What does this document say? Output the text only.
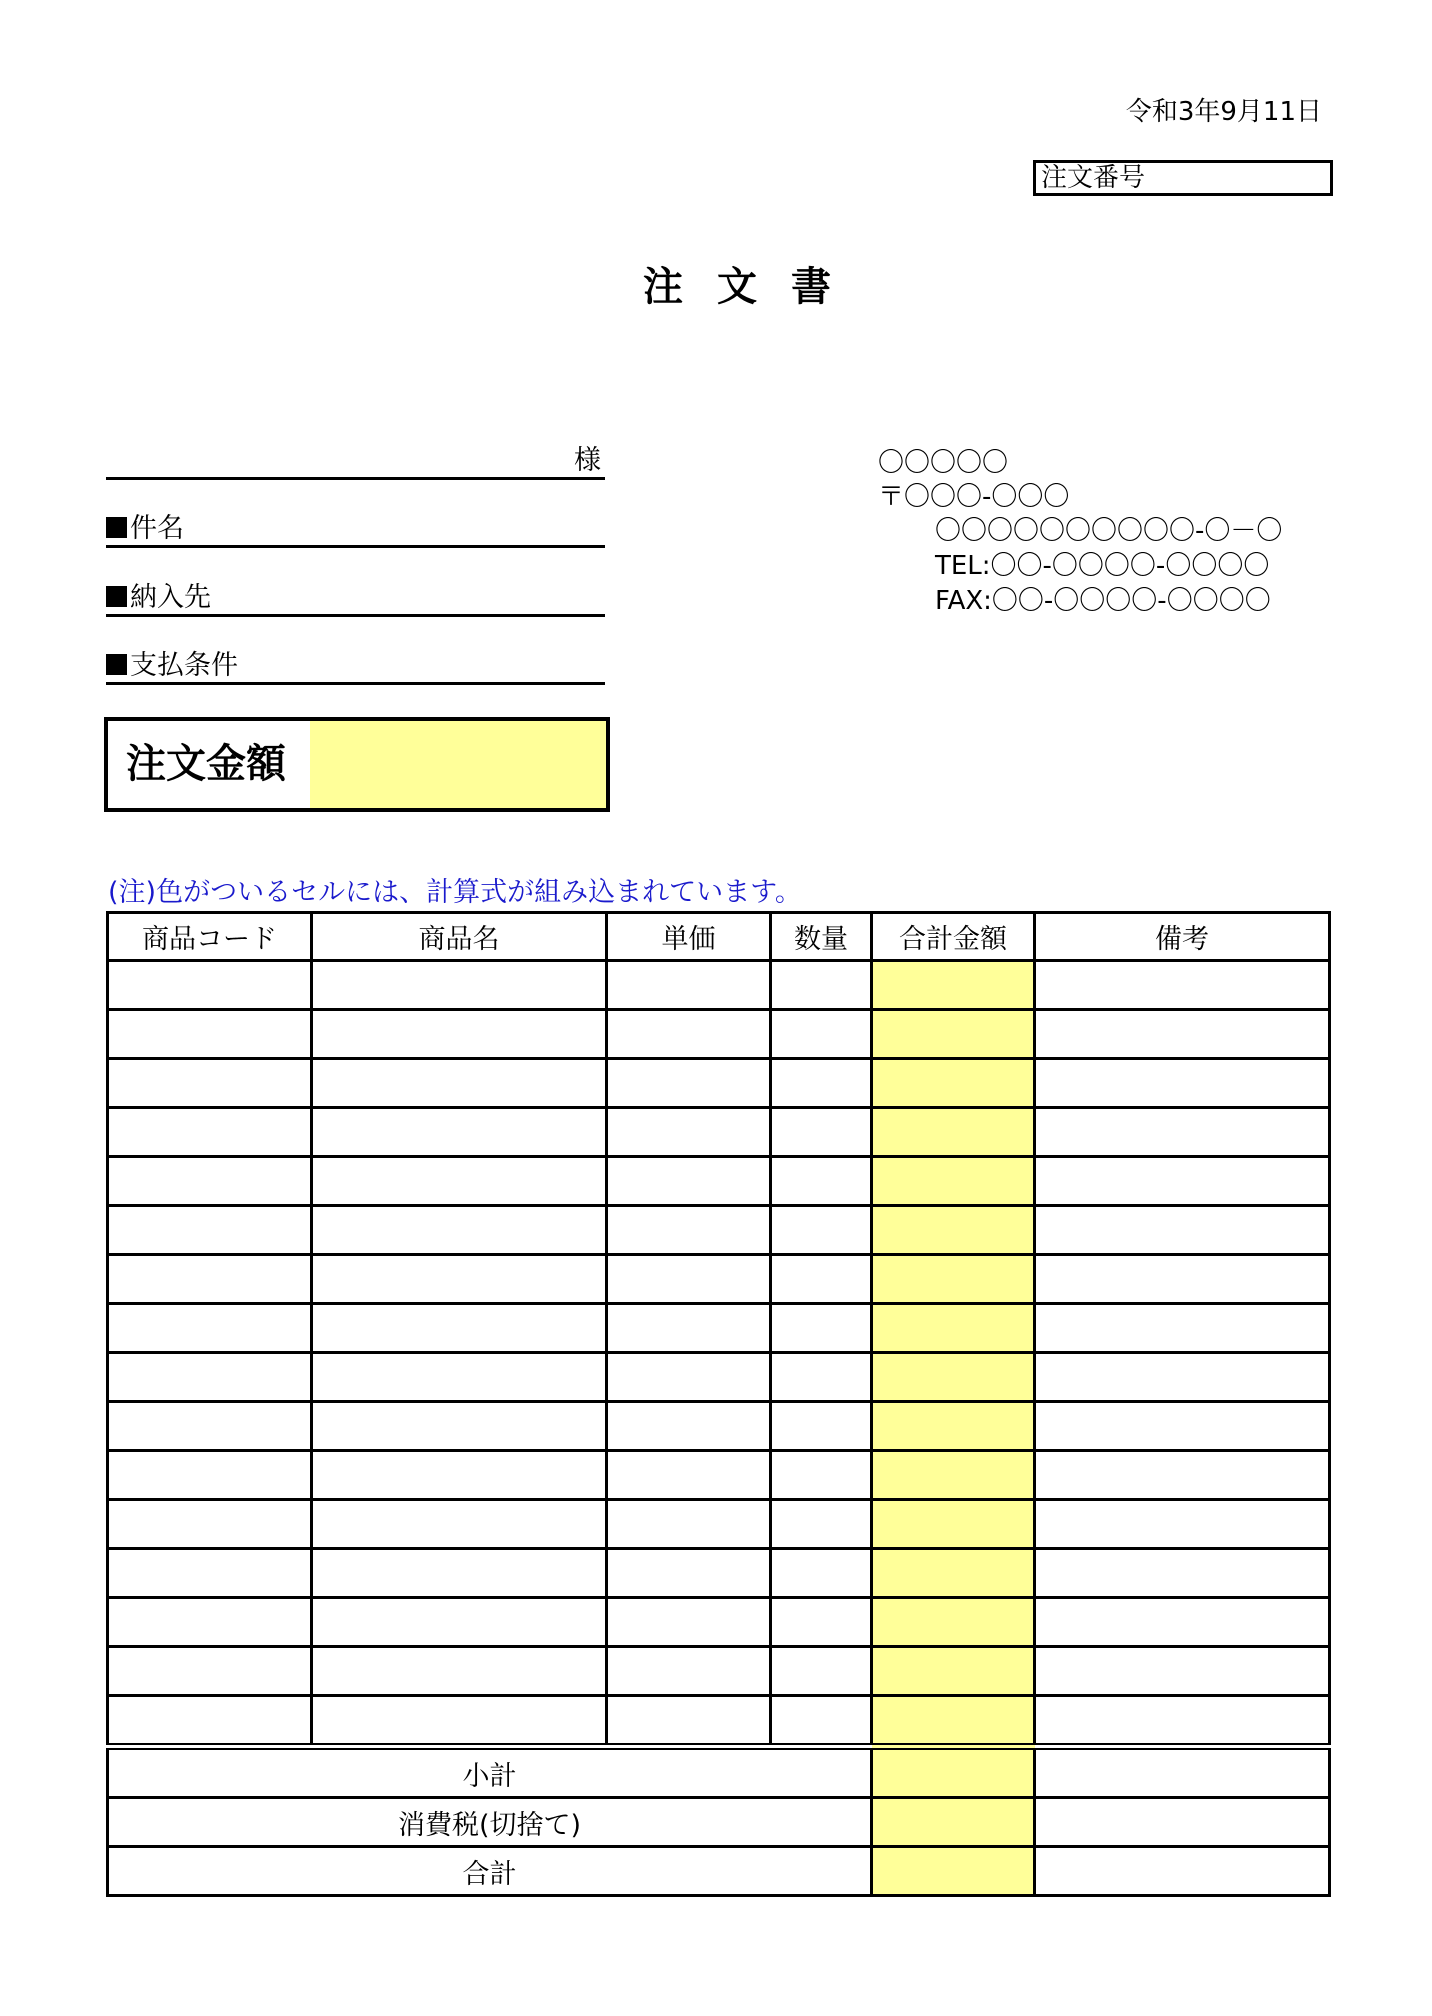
令和3年9月11日
注文番号
注文書
様
件名
納入先
支払条件
〇〇〇〇〇
〒〇〇〇-〇〇〇
〇〇〇〇〇〇〇〇〇〇-〇－〇
TEL:〇〇-〇〇〇〇-〇〇〇〇
FAX:〇〇-〇〇〇〇-〇〇〇〇
注文金額
(注)色がついるセルには、計算式が組み込まれています。
商品コード	商品名	単価	数量	合計金額	備考

小計					
消費税(切捨て)					
合計					
